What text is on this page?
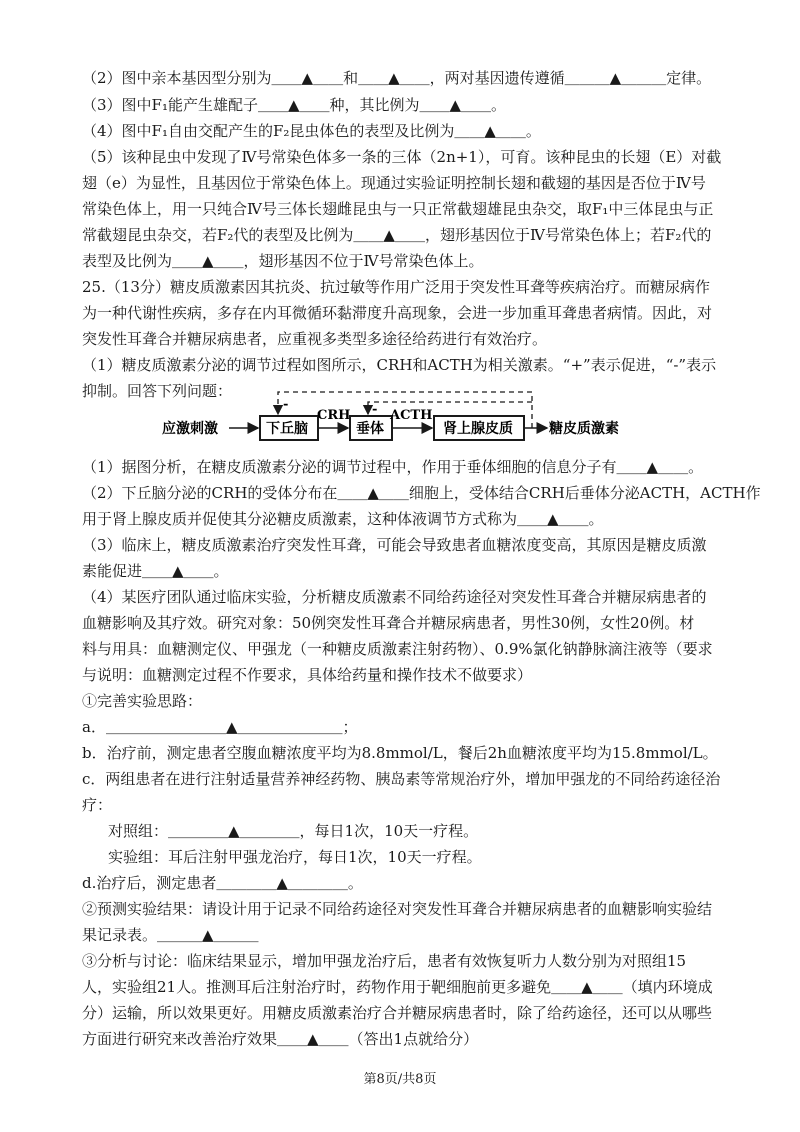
（2）图中亲本基因型分别为＿＿▲＿＿和＿＿▲＿＿，两对基因遗传遵循＿＿＿▲＿＿＿定律。
（3）图中F₁能产生雄配子＿＿▲＿＿种，其比例为＿＿▲＿＿。
（4）图中F₁自由交配产生的F₂昆虫体色的表型及比例为＿＿▲＿＿。
（5）该种昆虫中发现了Ⅳ号常染色体多一条的三体（2n+1），可育。该种昆虫的长翅（E）对截
翅（e）为显性，且基因位于常染色体上。现通过实验证明控制长翅和截翅的基因是否位于Ⅳ号
常染色体上，用一只纯合Ⅳ号三体长翅雌昆虫与一只正常截翅雄昆虫杂交，取F₁中三体昆虫与正
常截翅昆虫杂交，若F₂代的表型及比例为＿＿▲＿＿，翅形基因位于Ⅳ号常染色体上；若F₂代的
表型及比例为＿＿▲＿＿，翅形基因不位于Ⅳ号常染色体上。
25.（13分）糖皮质激素因其抗炎、抗过敏等作用广泛用于突发性耳聋等疾病治疗。而糖尿病作
为一种代谢性疾病，多存在内耳微循环黏滞度升高现象，会进一步加重耳聋患者病情。因此，对
突发性耳聋合并糖尿病患者，应重视多类型多途径给药进行有效治疗。
（1）糖皮质激素分泌的调节过程如图所示，CRH和ACTH为相关激素。“+”表示促进，“-”表示
抑制。回答下列问题：
应激刺激	下丘脑
CRH
垂体
ACTH
肾上腺皮质	糖皮质激素
-	-
（1）据图分析，在糖皮质激素分泌的调节过程中，作用于垂体细胞的信息分子有＿＿▲＿＿。
（2）下丘脑分泌的CRH的受体分布在＿＿▲＿＿细胞上，受体结合CRH后垂体分泌ACTH，ACTH作
用于肾上腺皮质并促使其分泌糖皮质激素，这种体液调节方式称为＿＿▲＿＿。
（3）临床上，糖皮质激素治疗突发性耳聋，可能会导致患者血糖浓度变高，其原因是糖皮质激
素能促进＿＿▲＿＿。
（4）某医疗团队通过临床实验，分析糖皮质激素不同给药途径对突发性耳聋合并糖尿病患者的
血糖影响及其疗效。研究对象：50例突发性耳聋合并糖尿病患者，男性30例，女性20例。材
料与用具：血糖测定仪、甲强龙（一种糖皮质激素注射药物）、0.9%氯化钠静脉滴注液等（要求
与说明：血糖测定过程不作要求，具体给药量和操作技术不做要求）
①完善实验思路：
a．＿＿＿＿＿＿＿＿▲＿＿＿＿＿＿＿；
b．治疗前，测定患者空腹血糖浓度平均为8.8mmol/L，餐后2h血糖浓度平均为15.8mmol/L。
c．两组患者在进行注射适量营养神经药物、胰岛素等常规治疗外，增加甲强龙的不同给药途径治
疗：
对照组：＿＿＿＿▲＿＿＿＿，每日1次，10天一疗程。
实验组：耳后注射甲强龙治疗，每日1次，10天一疗程。
d.治疗后，测定患者＿＿＿＿▲＿＿＿＿。
②预测实验结果：请设计用于记录不同给药途径对突发性耳聋合并糖尿病患者的血糖影响实验结
果记录表。＿＿＿▲＿＿＿
③分析与讨论：临床结果显示，增加甲强龙治疗后，患者有效恢复听力人数分别为对照组15
人，实验组21人。推测耳后注射治疗时，药物作用于靶细胞前更多避免＿＿▲＿＿（填内环境成
分）运输，所以效果更好。用糖皮质激素治疗合并糖尿病患者时，除了给药途径，还可以从哪些
方面进行研究来改善治疗效果＿＿▲＿＿（答出1点就给分）
第8页/共8页
